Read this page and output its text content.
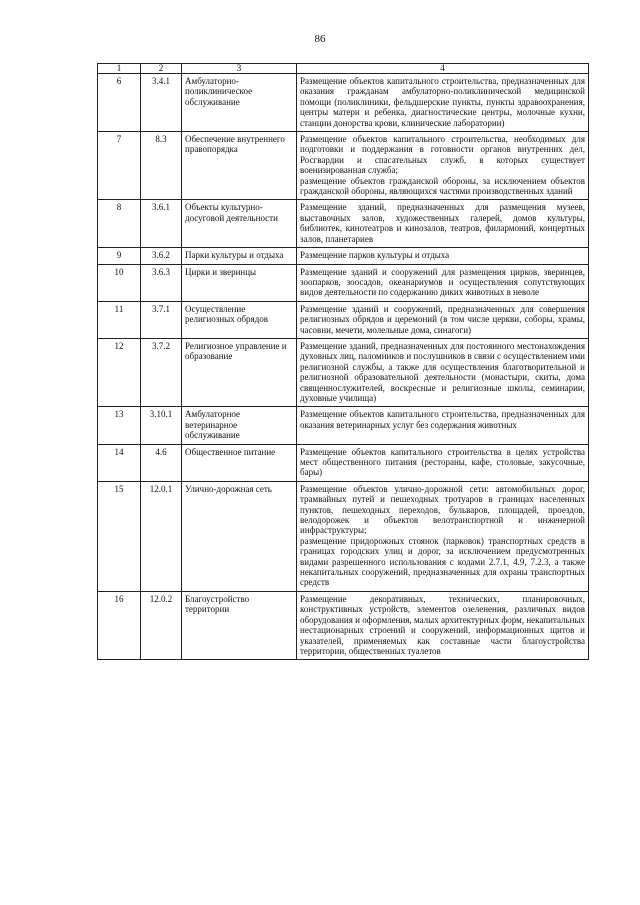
86
1	2	3	4
6	3.4.1	Амбулаторно-поликлиническое обслуживание	Размещение объектов капитального строительства, предназначенных для оказания гражданам амбулаторно-поликлинической медицинской помощи (поликлиники, фельдшерские пункты, пункты здравоохранения, центры матери и ребенка, диагностические центры, молочные кухни, станции донорства крови, клинические лаборатории)

7	8.3	Обеспечение внутреннего правопорядка	Размещение объектов капитального строительства, необходимых для подготовки и поддержания в готовности органов внутренних дел, Росгвардии и спасательных служб, в которых существует военизированная служба;
размещение объектов гражданской обороны, за исключением объектов гражданской обороны, являющихся частями производственных зданий

8	3.6.1	Объекты культурно-досуговой деятельности	Размещение зданий, предназначенных для размещения музеев, выставочных залов, художественных галерей, домов культуры, библиотек, кинотеатров и кинозалов, театров, филармоний, концертных залов, планетариев

9	3.6.2	Парки культуры и отдыха	Размещение парков культуры и отдыха

10	3.6.3	Цирки и зверинцы	Размещение зданий и сооружений для размещения цирков, зверинцев, зоопарков, зоосадов, океанариумов и осуществления сопутствующих видов деятельности по содержанию диких животных в неволе

11	3.7.1	Осуществление религиозных обрядов	Размещение зданий и сооружений, предназначенных для совершения религиозных обрядов и церемоний (в том числе церкви, соборы, храмы, часовни, мечети, молельные дома, синагоги)

12	3.7.2	Религиозное управление и образование	Размещение зданий, предназначенных для постоянного местонахождения духовных лиц, паломников и послушников в связи с осуществлением ими религиозной службы, а также для осуществления благотворительной и религиозной образовательной деятельности (монастыри, скиты, дома священнослужителей, воскресные и религиозные школы, семинарии, духовные училища)

13	3.10.1	Амбулаторное ветеринарное обслуживание	Размещение объектов капитального строительства, предназначенных для оказания ветеринарных услуг без содержания животных

14	4.6	Общественное питание	Размещение объектов капитального строительства в целях устройства мест общественного питания (рестораны, кафе, столовые, закусочные, бары)

15	12.0.1	Улично-дорожная сеть	Размещение объектов улично-дорожной сети: автомобильных дорог, трамвайных путей и пешеходных тротуаров в границах населенных пунктов, пешеходных переходов, бульваров, площадей, проездов, велодорожек и объектов велотранспортной и инженерной инфраструктуры;
размещение придорожных стоянок (парковок) транспортных средств в границах городских улиц и дорог, за исключением предусмотренных видами разрешенного использования с кодами 2.7.1, 4.9, 7.2.3, а также некапитальных сооружений, предназначенных для охраны транспортных средств

16	12.0.2	Благоустройство территории	Размещение декоративных, технических, планировочных, конструктивных устройств, элементов озеленения, различных видов оборудования и оформления, малых архитектурных форм, некапитальных нестационарных строений и сооружений, информационных щитов и указателей, применяемых как составные части благоустройства территории, общественных туалетов
